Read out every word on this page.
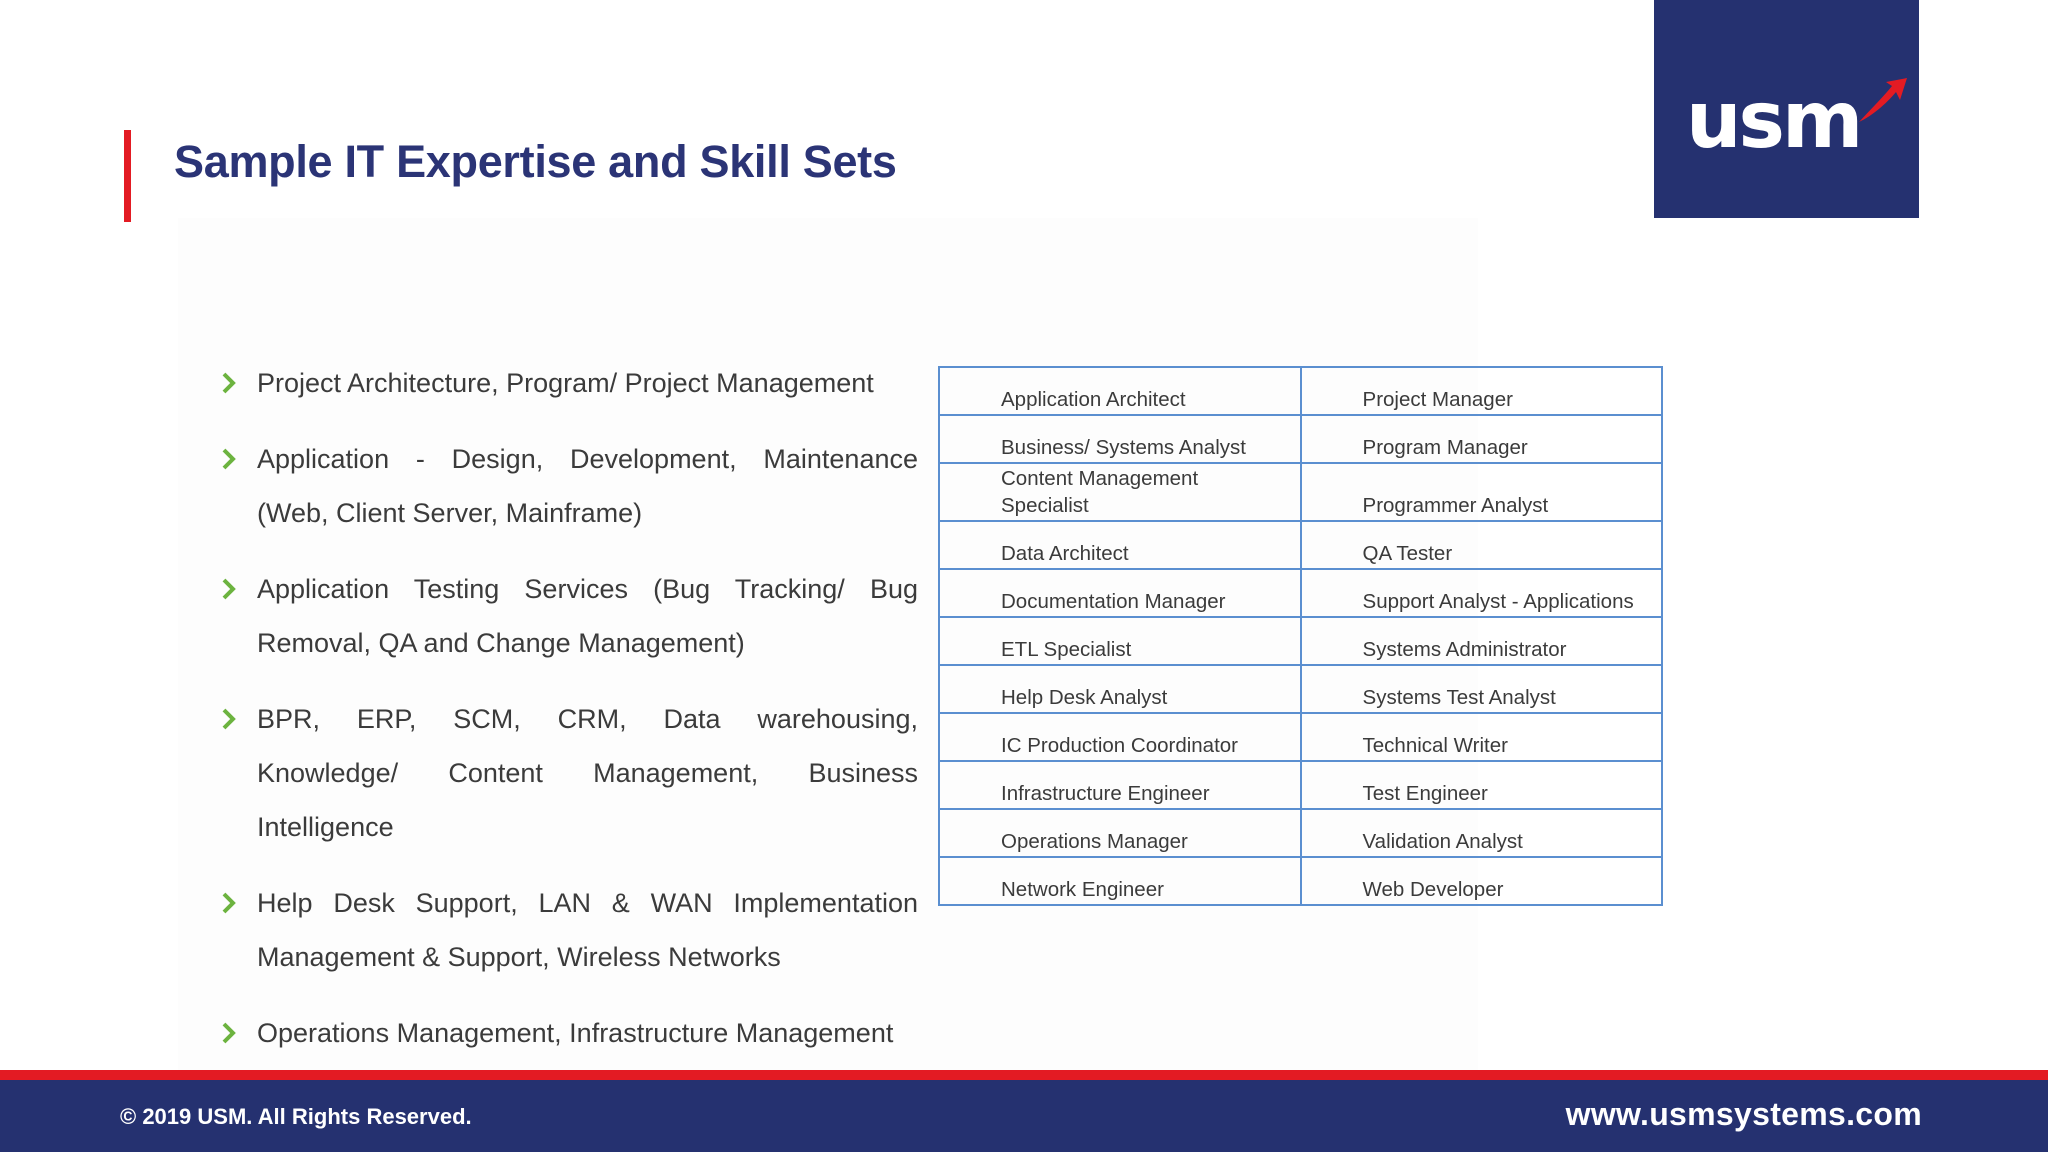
Sample IT Expertise and Skill Sets	usm
Project Architecture, Program/ Project Management
Application - Design, Development, Maintenance (Web, Client Server, Mainframe)
Application Testing Services (Bug Tracking/ Bug Removal, QA and Change Management)
BPR, ERP, SCM, CRM, Data warehousing, Knowledge/ Content Management, Business Intelligence
Help Desk Support, LAN & WAN Implementation Management & Support, Wireless Networks
Operations Management, Infrastructure Management
Application Architect	Project Manager

Business/ Systems Analyst	Program Manager

Content Management Specialist	Programmer Analyst

Data Architect	QA Tester

Documentation Manager	Support Analyst - Applications

ETL Specialist	Systems Administrator

Help Desk Analyst	Systems Test Analyst

IC Production Coordinator	Technical Writer

Infrastructure Engineer	Test Engineer

Operations Manager	Validation Analyst

Network Engineer	Web Developer
© 2019 USM. All Rights Reserved.	www.usmsystems.com
